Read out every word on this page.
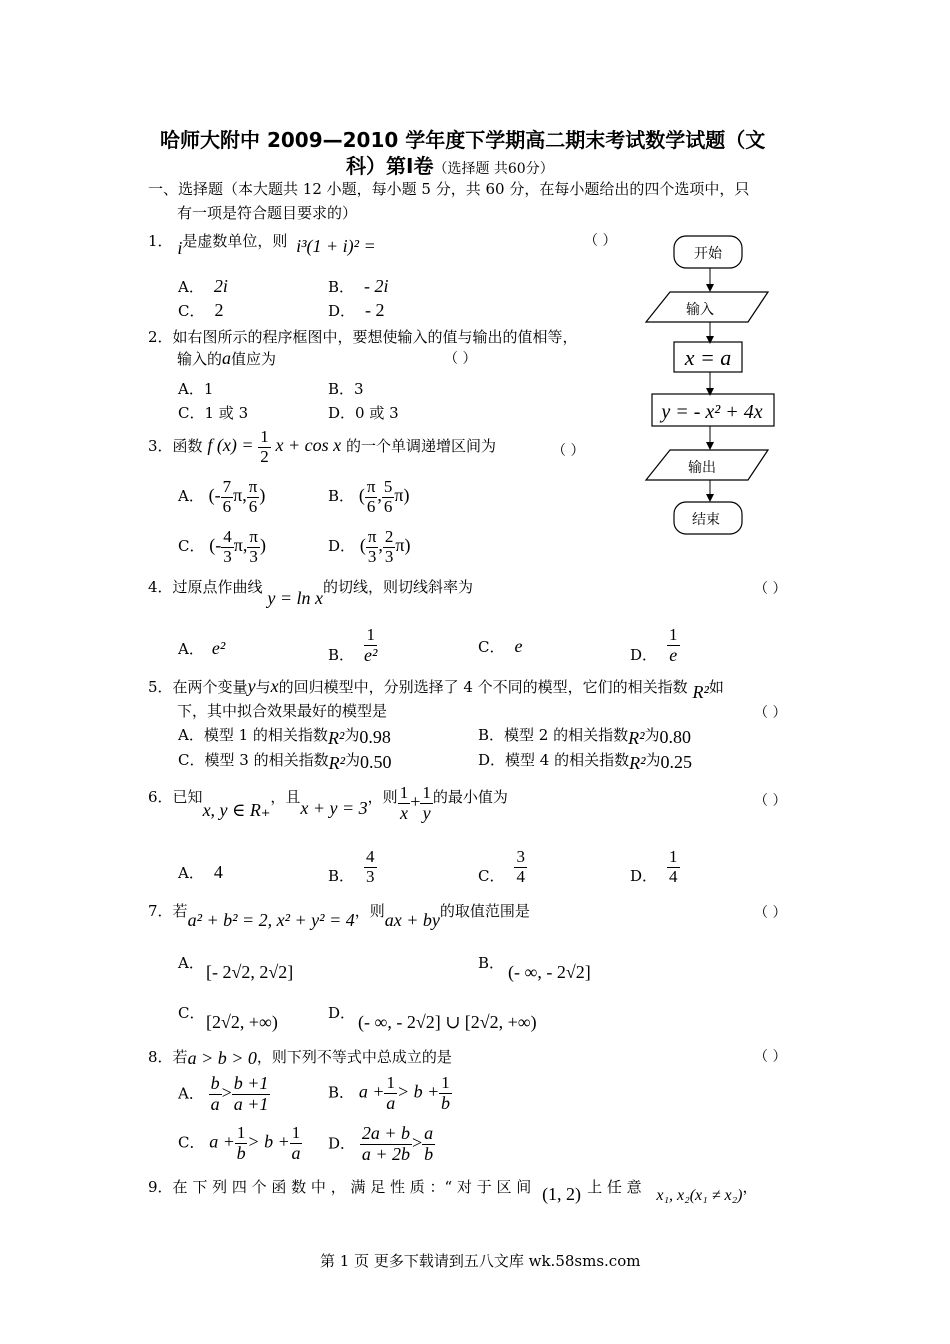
哈师大附中 2009—2010 学年度下学期高二期末考试数学试题（文
科）第Ⅰ卷（选择题 共60分）
一、选择题（本大题共 12 小题，每小题 5 分，共 60 分，在每小题给出的四个选项中，只
有一项是符合题目要求的）
1． i是虚数单位，则 i³(1 + i)² =	（ ）
A． 2i	B． - 2i
C． 2	D． - 2
2．如右图所示的程序框图中，要想使输入的值与输出的值相等，
输入的a值应为	（ ）
A．1	B．3
C．1 或 3	D．0 或 3
3．函数 f $(x) = \frac{1}{2}$ x + cos x 的一个单调递增区间为	（ ）
A． (- $\frac{7}{6} \pi$, $\frac{\pi}{6}$ )	B． ( $\frac{\pi}{6}$ , $\frac{5}{6} \pi$)
C． (- $\frac{4}{3} \pi$, $\frac{\pi}{3}$ )	D． ( $\frac{\pi}{3}$ , $\frac{2}{3} \pi$)
4．过原点作曲线 y = ln x的切线，则切线斜率为	（ ）
A． e²	B． $\frac{1}{\text{e²}}$	C． e	D． $\frac{1}{e}$
5．在两个变量y与x的回归模型中，分别选择了 4 个不同的模型，它们的相关指数 R²如
下，其中拟合效果最好的模型是	（ ）
A．模型 1 的相关指数R²为0.98	B．模型 2 的相关指数R²为0.80
C．模型 3 的相关指数R²为0.50	D．模型 4 的相关指数R²为0.25
6．已知x, y ∈ R₊，且x + y = 3，则 $\frac{1}{x} + \frac{1}{y}$ 的最小值为	（ ）
A． 4	B． $\frac{4}{3}$	C． $\frac{3}{4}$	D． $\frac{1}{4}$
7．若a² + b² = 2, x² + y² = 4，则ax + by的取值范围是	（ ）
A． [- 2√2, 2√2]	B． (- ∞, - 2√2]
C． [2√2, +∞)	D． (- ∞, - 2√2] ∪ [2√2, +∞)
8．若a > b > 0，则下列不等式中总成立的是	（ ）
A． $\frac{b}{a} > \frac{b +1}{a +1}$	B． $a + \frac{1}{a} > b + \frac{1}{b}$
C． $a + \frac{1}{b} > b + \frac{1}{a}$ D． $\frac{2a + b}{a + 2b} > \frac{a}{b}$
9．在 下 列 四 个 函 数 中 ， 满 足 性 质 ：“ 对 于 区 间 (1, 2) 上 任 意 x₁, x₂(x₁ ≠ x₂)，
开始
输入
x = a
y = - x² + 4x
输出
结束
第 1 页 更多下载请到五八文库 wk.58sms.com
